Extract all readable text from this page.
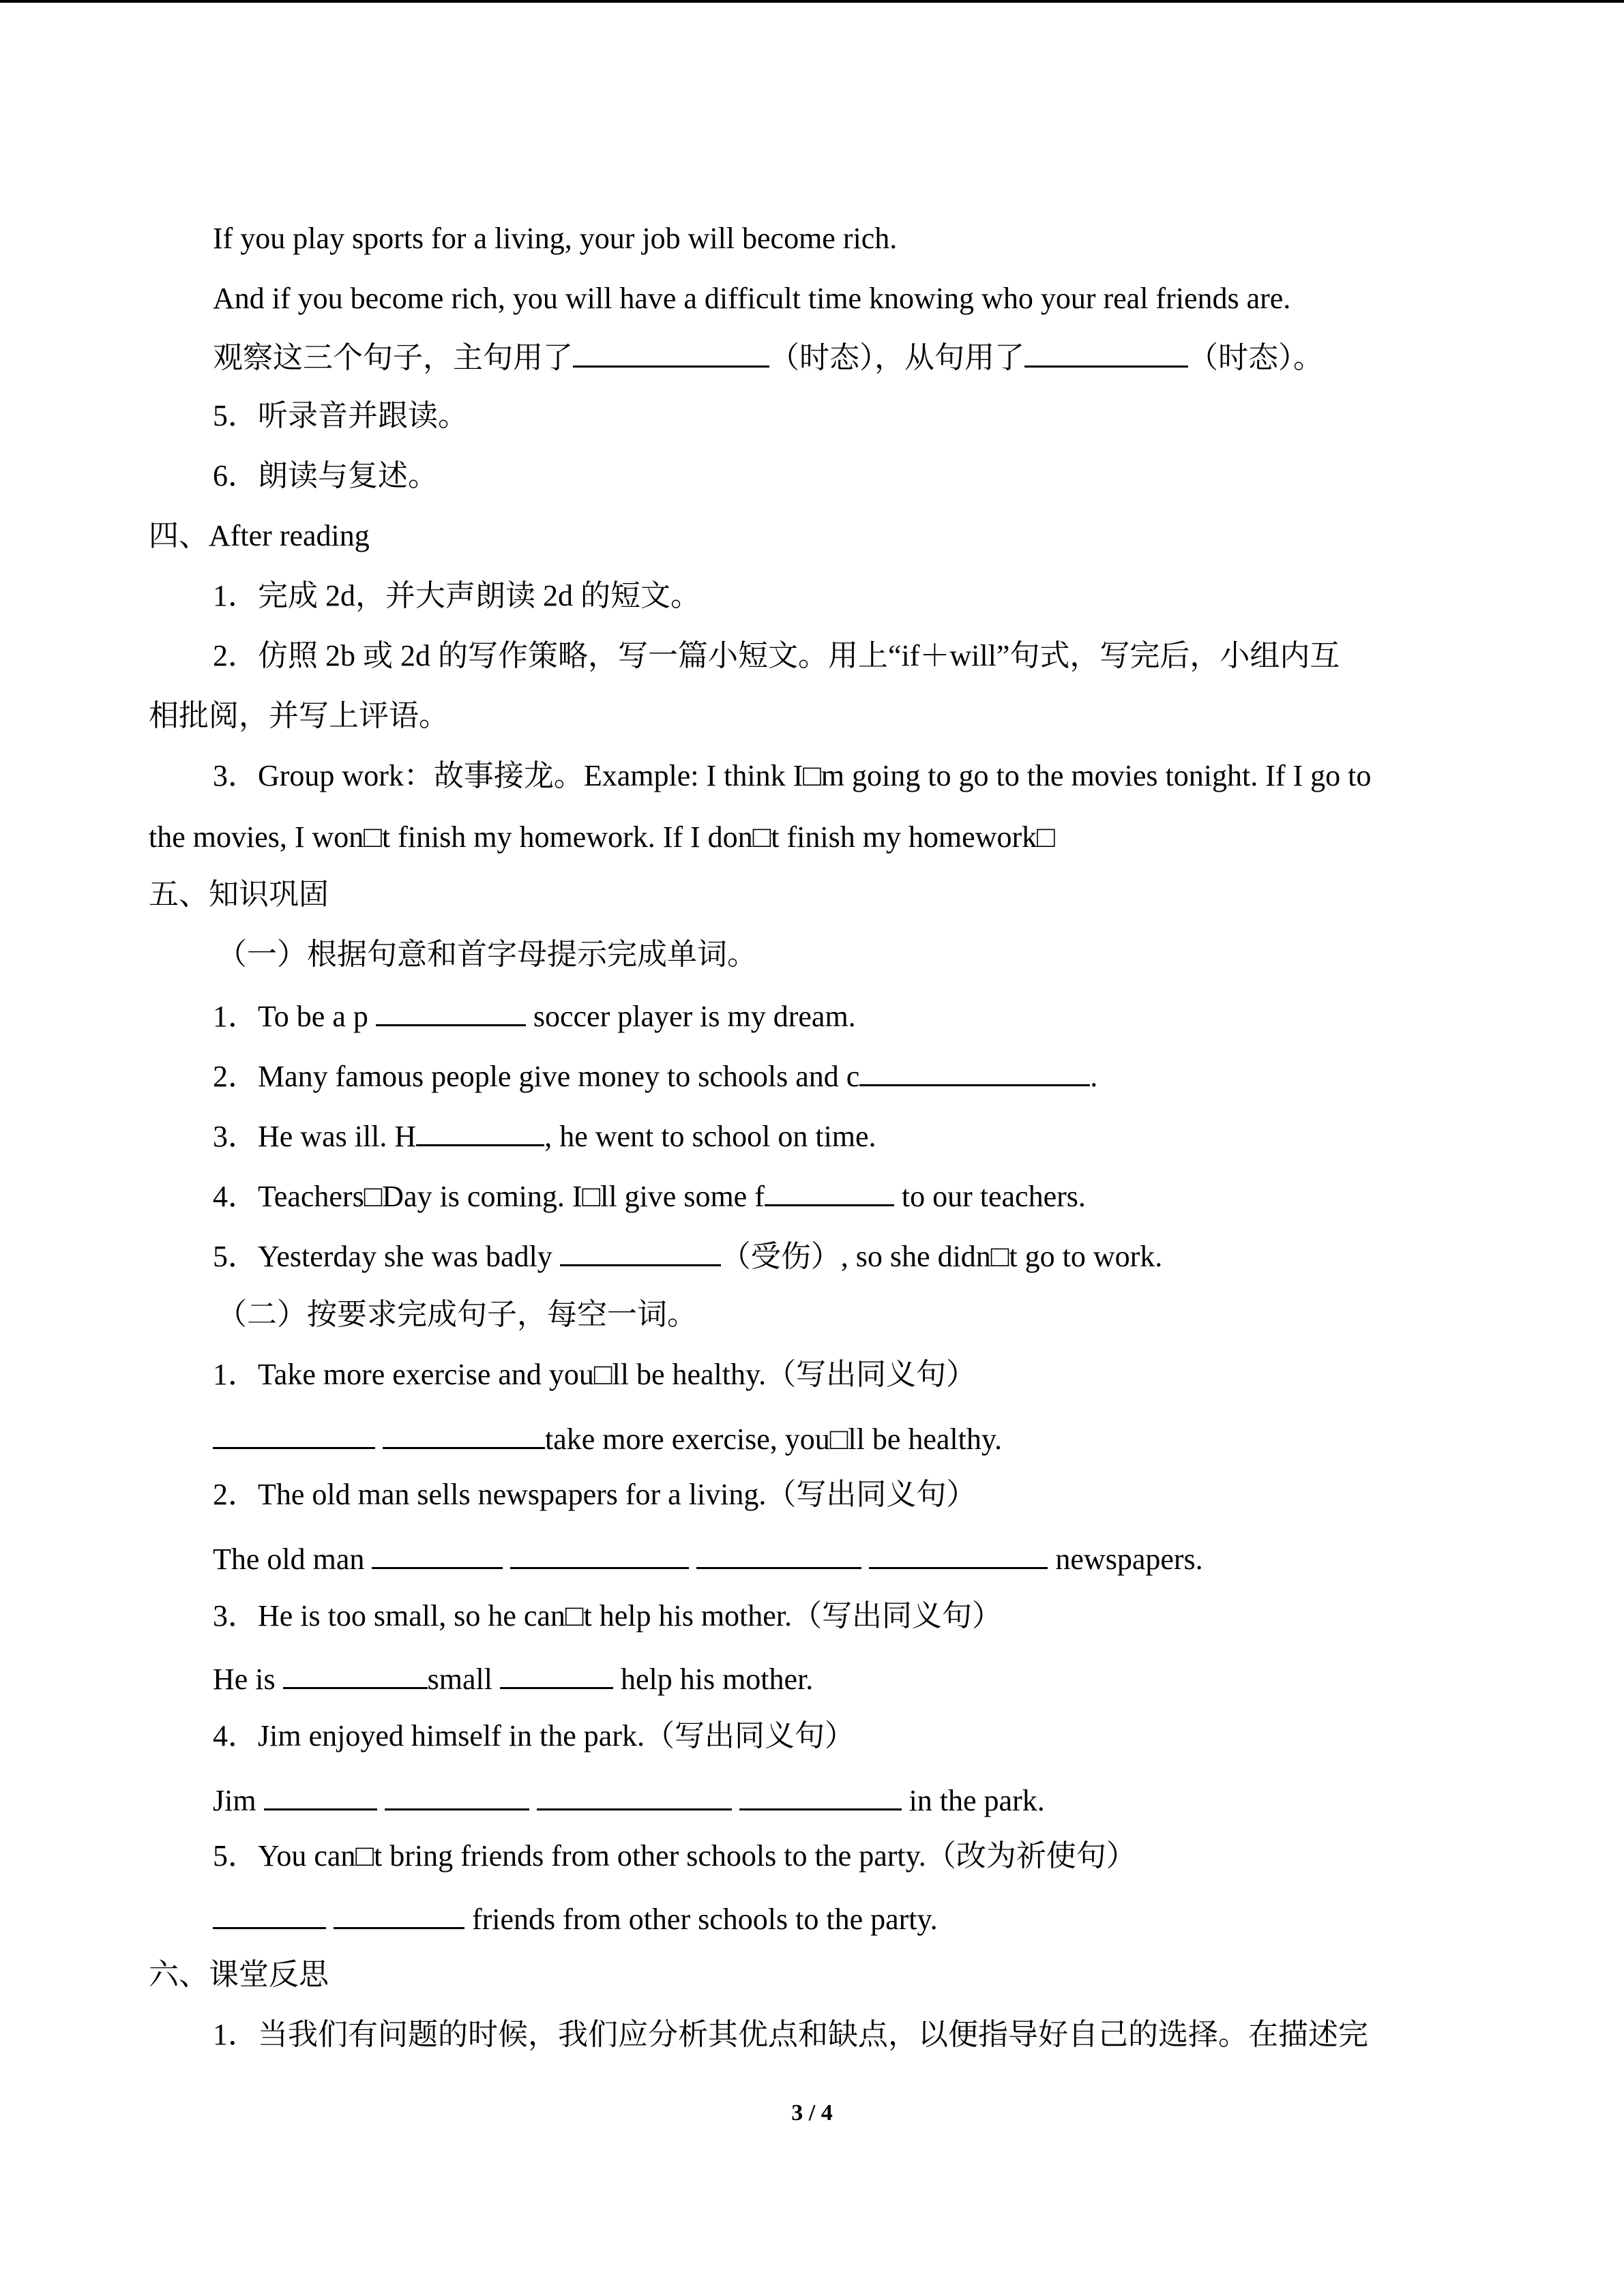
If you play sports for a living, your job will become rich.
And if you become rich, you will have a difficult time knowing who your real friends are.
观察这三个句子，主句用了	（时态），从句用了	（时态）。
5．听录音并跟读。
6．朗读与复述。
四、After reading
1．完成 2d，并大声朗读 2d 的短文。
2．仿照 2b 或 2d 的写作策略，写一篇小短文。用上“if＋will”句式，写完后，小组内互
相批阅，并写上评语。
3．Group work：故事接龙。Example: I think I□m going to go to the movies tonight. If I go to
the movies, I won□t finish my homework. If I don□t finish my homework□
五、知识巩固
（一）根据句意和首字母提示完成单词。
1．To be a p	soccer player is my dream.
2．Many famous people give money to schools and c	.
3．He was ill. H	, he went to school on time.
4．Teachers□Day is coming. I□ll give some f	to our teachers.
5．Yesterday she was badly	（受伤）, so she didn□t go to work.
（二）按要求完成句子，每空一词。
1．Take more exercise and you□ll be healthy.（写出同义句）
take more exercise, you□ll be healthy.
2．The old man sells newspapers for a living.（写出同义句）
The old man	newspapers.
3．He is too small, so he can□t help his mother.（写出同义句）
He is	small	help his mother.
4．Jim enjoyed himself in the park.（写出同义句）
Jim	in the park.
5．You can□t bring friends from other schools to the party.（改为祈使句）
friends from other schools to the party.
六、课堂反思
1．当我们有问题的时候，我们应分析其优点和缺点，以便指导好自己的选择。在描述完
3 / 4
